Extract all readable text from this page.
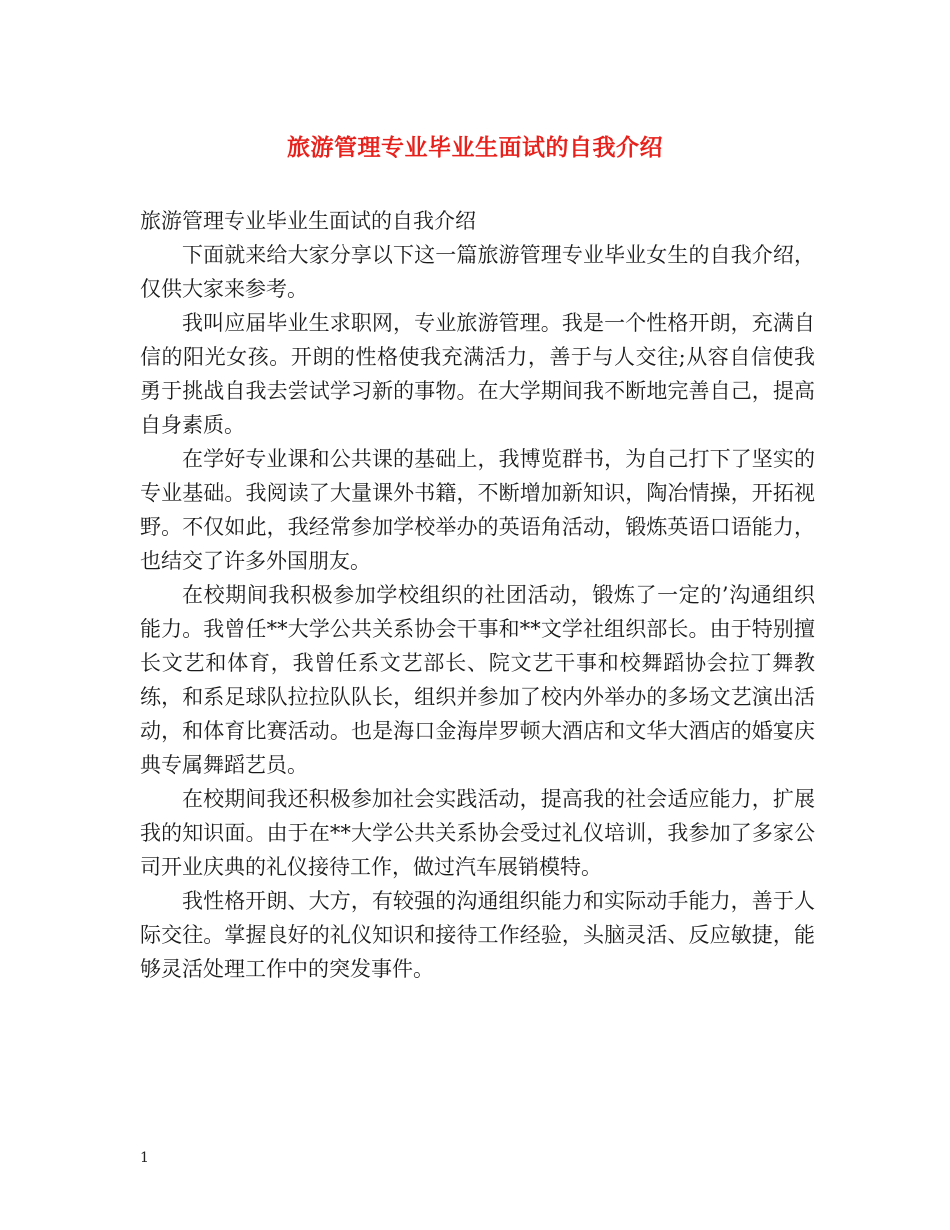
旅游管理专业毕业生面试的自我介绍

旅游管理专业毕业生面试的自我介绍

下面就来给大家分享以下这一篇旅游管理专业毕业女生的自我介绍，仅供大家来参考。

我叫应届毕业生求职网，专业旅游管理。我是一个性格开朗，充满自信的阳光女孩。开朗的性格使我充满活力，善于与人交往;从容自信使我勇于挑战自我去尝试学习新的事物。在大学期间我不断地完善自己，提高自身素质。

在学好专业课和公共课的基础上，我博览群书，为自己打下了坚实的专业基础。我阅读了大量课外书籍，不断增加新知识，陶冶情操，开拓视野。不仅如此，我经常参加学校举办的英语角活动，锻炼英语口语能力，也结交了许多外国朋友。

在校期间我积极参加学校组织的社团活动，锻炼了一定的’沟通组织能力。我曾任**大学公共关系协会干事和**文学社组织部长。由于特别擅长文艺和体育，我曾任系文艺部长、院文艺干事和校舞蹈协会拉丁舞教练，和系足球队拉拉队队长，组织并参加了校内外举办的多场文艺演出活动，和体育比赛活动。也是海口金海岸罗顿大酒店和文华大酒店的婚宴庆典专属舞蹈艺员。

在校期间我还积极参加社会实践活动，提高我的社会适应能力，扩展我的知识面。由于在**大学公共关系协会受过礼仪培训，我参加了多家公司开业庆典的礼仪接待工作，做过汽车展销模特。

我性格开朗、大方，有较强的沟通组织能力和实际动手能力，善于人际交往。掌握良好的礼仪知识和接待工作经验，头脑灵活、反应敏捷，能够灵活处理工作中的突发事件。

1
